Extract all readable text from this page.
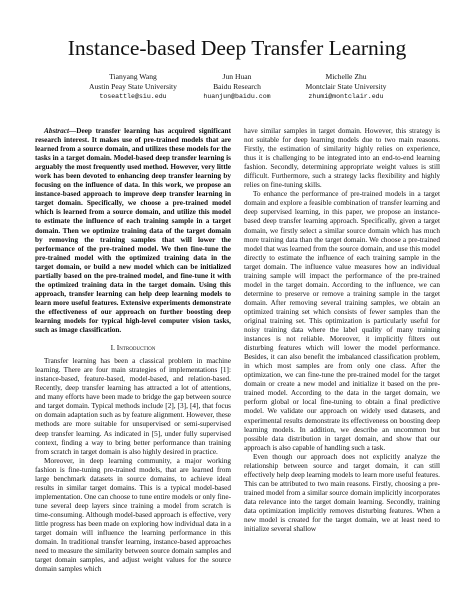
Instance-based Deep Transfer Learning
Tianyang Wang
Austin Peay State University
toseattle@siu.edu
Jun Huan
Baidu Research
huanjun@baidu.com
Michelle Zhu
Montclair State University
zhumi@montclair.edu

Abstract—Deep transfer learning has acquired significant research interest. It makes use of pre-trained models that are learned from a source domain, and utilizes these models for the tasks in a target domain. Model-based deep transfer learning is arguably the most frequently used method. However, very little work has been devoted to enhancing deep transfer learning by focusing on the influence of data. In this work, we propose an instance-based approach to improve deep transfer learning in target domain. Specifically, we choose a pre-trained model which is learned from a source domain, and utilize this model to estimate the influence of each training sample in a target domain. Then we optimize training data of the target domain by removing the training samples that will lower the performance of the pre-trained model. We then fine-tune the pre-trained model with the optimized training data in the target domain, or build a new model which can be initialized partially based on the pre-trained model, and fine-tune it with the optimized training data in the target domain. Using this approach, transfer learning can help deep learning models to learn more useful features. Extensive experiments demonstrate the effectiveness of our approach on further boosting deep learning models for typical high-level computer vision tasks, such as image classification.

I. Introduction

Transfer learning has been a classical problem in machine learning. There are four main strategies of implementations [1]: instance-based, feature-based, model-based, and relation-based. Recently, deep transfer learning has attracted a lot of attentions, and many efforts have been made to bridge the gap between source and target domain. Typical methods include [2], [3], [4], that focus on domain adaptation such as by feature alignment. However, these methods are more suitable for unsupervised or semi-supervised deep transfer learning. As indicated in [5], under fully supervised context, finding a way to bring better performance than training from scratch in target domain is also highly desired in practice.

Moreover, in deep learning community, a major working fashion is fine-tuning pre-trained models, that are learned from large benchmark datasets in source domains, to achieve ideal results in similar target domains. This is a typical model-based implementation. One can choose to tune entire models or only fine-tune several deep layers since training a model from scratch is time-consuming. Although model-based approach is effective, very little progress has been made on exploring how individual data in a target domain will influence the learning performance in this domain. In traditional transfer learning, instance-based approaches need to measure the similarity between source domain samples and target domain samples, and adjust weight values for the source domain samples which

have similar samples in target domain. However, this strategy is not suitable for deep learning models due to two main reasons. Firstly, the estimation of similarity highly relies on experience, thus it is challenging to be integrated into an end-to-end learning fashion. Secondly, determining appropriate weight values is still difficult. Furthermore, such a strategy lacks flexibility and highly relies on fine-tuning skills.

To enhance the performance of pre-trained models in a target domain and explore a feasible combination of transfer learning and deep supervised learning, in this paper, we propose an instance-based deep transfer learning approach. Specifically, given a target domain, we firstly select a similar source domain which has much more training data than the target domain. We choose a pre-trained model that was learned from the source domain, and use this model directly to estimate the influence of each training sample in the target domain. The influence value measures how an individual training sample will impact the performance of the pre-trained model in the target domain. According to the influence, we can determine to preserve or remove a training sample in the target domain. After removing several training samples, we obtain an optimized training set which consists of fewer samples than the original training set. This optimization is particularly useful for noisy training data where the label quality of many training instances is not reliable. Moreover, it implicitly filters out disturbing features which will lower the model performance. Besides, it can also benefit the imbalanced classification problem, in which most samples are from only one class. After the optimization, we can fine-tune the pre-trained model for the target domain or create a new model and initialize it based on the pre-trained model. According to the data in the target domain, we perform global or local fine-tuning to obtain a final predictive model. We validate our approach on widely used datasets, and experimental results demonstrate its effectiveness on boosting deep learning models. In addition, we describe an uncommon but possible data distribution in target domain, and show that our approach is also capable of handling such a task.

Even though our approach does not explicitly analyze the relationship between source and target domain, it can still effectively help deep learning models to learn more useful features. This can be attributed to two main reasons. Firstly, choosing a pre-trained model from a similar source domain implicitly incorporates data relevance into the target domain learning. Secondly, training data optimization implicitly removes disturbing features. When a new model is created for the target domain, we at least need to initialize several shallow
